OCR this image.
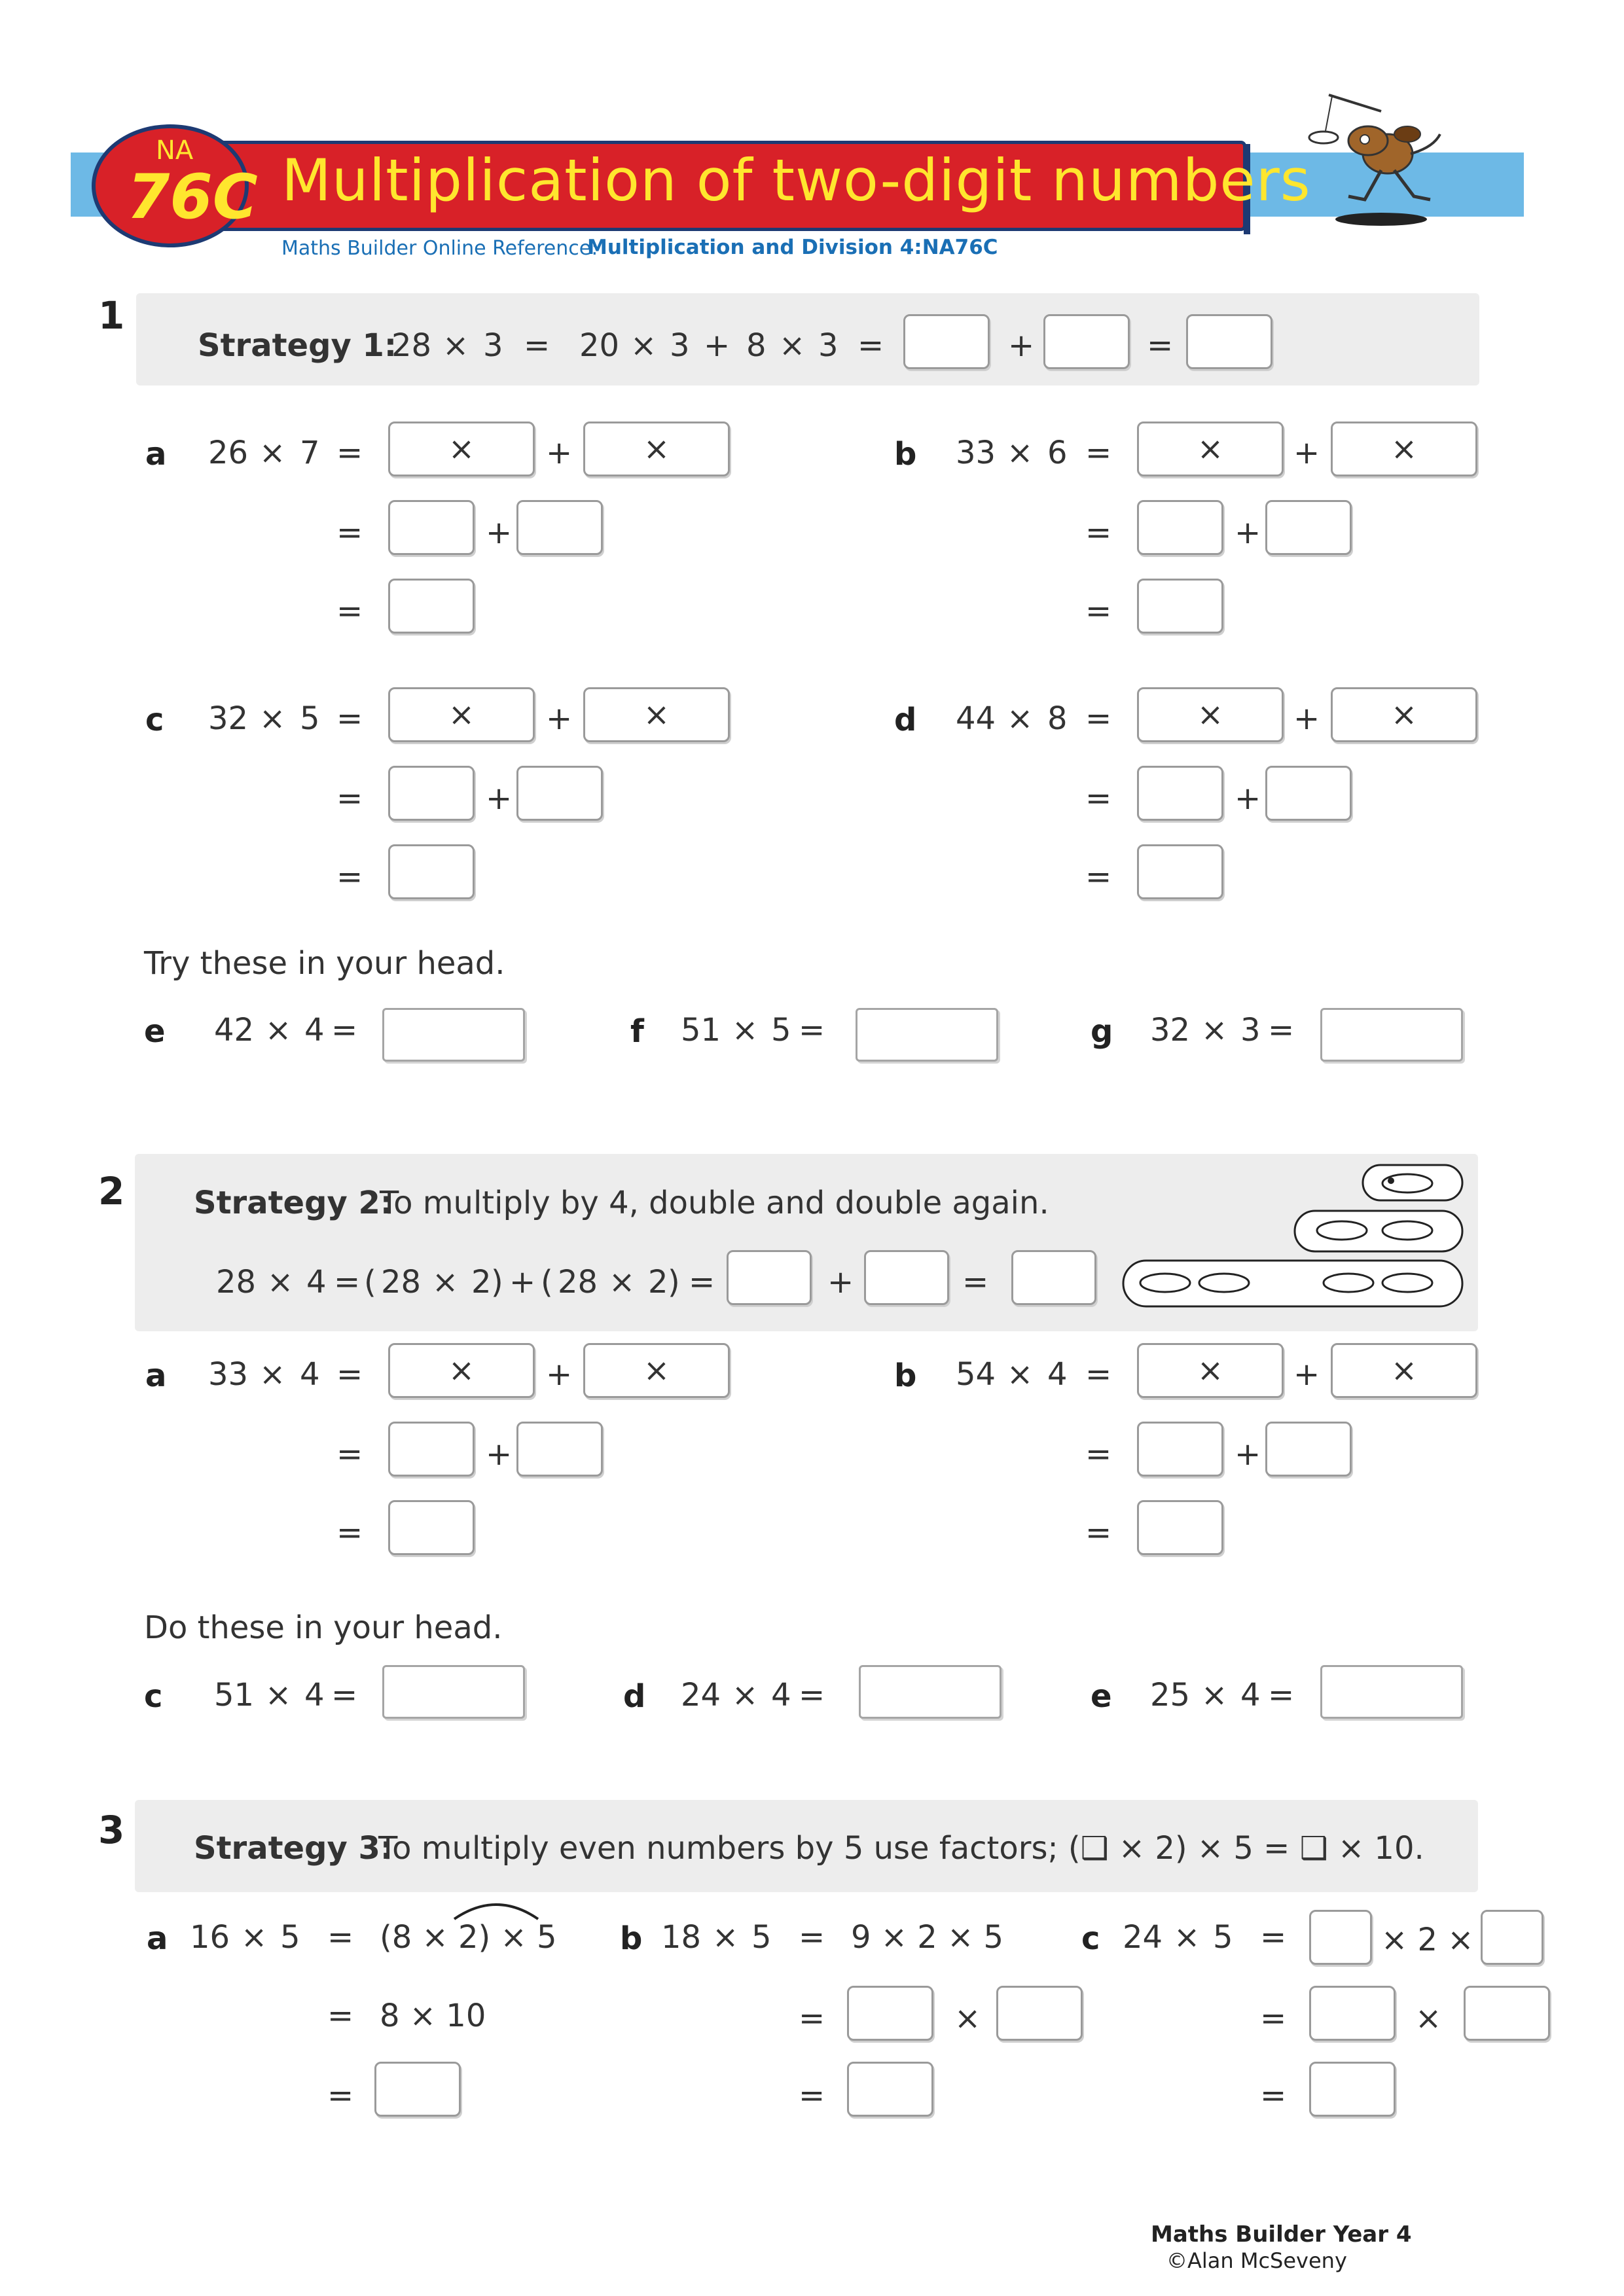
Multiplication of two-digit numbers
NA
76C
Maths Builder Online Reference:
Multiplication and Division 4:NA76C
1
Strategy 1:
28 × 3 = 20 × 3 + 8 × 3 =	+	=
a 26 × 7 =	×	+	×
=	+
=
b 33 × 6 =	×	+	×
=	+
=
c 32 × 5 =	×	+	×
=	+
=
d 44 × 8 =	×	+	×
=	+
=
Try these in your head.
e 42 × 4 =	f 51 × 5 =	g 32 × 3 =
2 Strategy 2:
To multiply by 4, double and double again.
28 × 4 = ( 28 × 2 ) + ( 28 × 2 ) =	+	=
a 33 × 4 =	×	+	×
=	+
=
b 54 × 4 =	×	+	×
=	+
=
Do these in your head.
c 51 × 4 =	d 24 × 4 =	e 25 × 4 =
3 Strategy 3:
To multiply even numbers by 5 use factors; (❑ × 2) × 5 = ❑ × 10.
a 16 × 5 = (8 × 2) × 5
= 8 × 10
=
b 18 × 5 = 9 × 2 × 5
=	×
=
c 24 × 5 =	× 2 ×
=	×
=
Maths Builder Year 4
©Alan McSeveny
